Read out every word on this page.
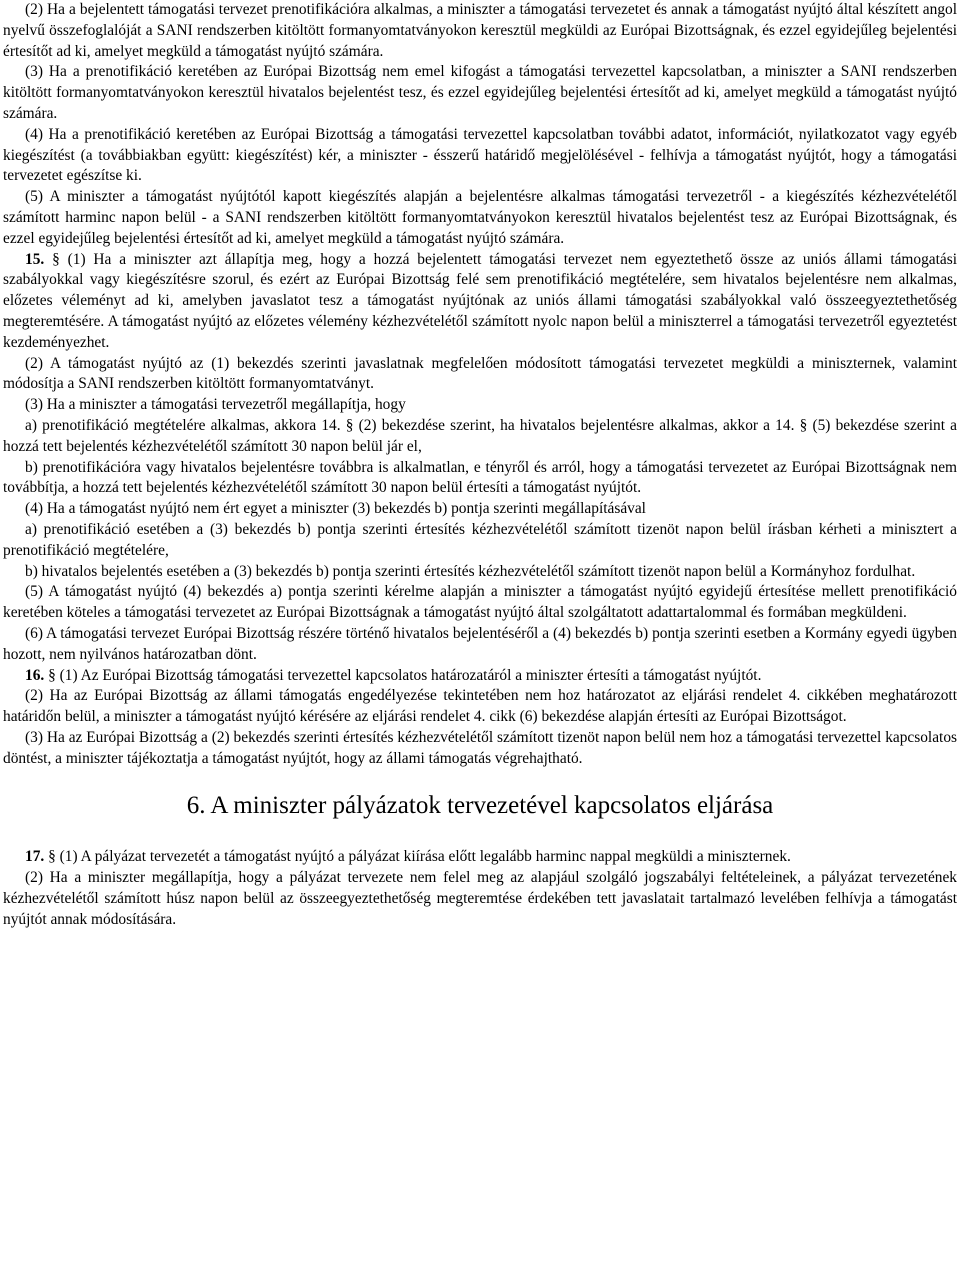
(2) Ha a bejelentett támogatási tervezet prenotifikációra alkalmas, a miniszter a támogatási tervezetet és annak a támogatást nyújtó által készített angol nyelvű összefoglalóját a SANI rendszerben kitöltött formanyomtatványokon keresztül megküldi az Európai Bizottságnak, és ezzel egyidejűleg bejelentési értesítőt ad ki, amelyet megküld a támogatást nyújtó számára.

(3) Ha a prenotifikáció keretében az Európai Bizottság nem emel kifogást a támogatási tervezettel kapcsolatban, a miniszter a SANI rendszerben kitöltött formanyomtatványokon keresztül hivatalos bejelentést tesz, és ezzel egyidejűleg bejelentési értesítőt ad ki, amelyet megküld a támogatást nyújtó számára.

(4) Ha a prenotifikáció keretében az Európai Bizottság a támogatási tervezettel kapcsolatban további adatot, információt, nyilatkozatot vagy egyéb kiegészítést (a továbbiakban együtt: kiegészítést) kér, a miniszter - ésszerű határidő megjelölésével - felhívja a támogatást nyújtót, hogy a támogatási tervezetet egészítse ki.

(5) A miniszter a támogatást nyújtótól kapott kiegészítés alapján a bejelentésre alkalmas támogatási tervezetről - a kiegészítés kézhezvételétől számított harminc napon belül - a SANI rendszerben kitöltött formanyomtatványokon keresztül hivatalos bejelentést tesz az Európai Bizottságnak, és ezzel egyidejűleg bejelentési értesítőt ad ki, amelyet megküld a támogatást nyújtó számára.

15. § (1) Ha a miniszter azt állapítja meg, hogy a hozzá bejelentett támogatási tervezet nem egyeztethető össze az uniós állami támogatási szabályokkal vagy kiegészítésre szorul, és ezért az Európai Bizottság felé sem prenotifikáció megtételére, sem hivatalos bejelentésre nem alkalmas, előzetes véleményt ad ki, amelyben javaslatot tesz a támogatást nyújtónak az uniós állami támogatási szabályokkal való összeegyeztethetőség megteremtésére. A támogatást nyújtó az előzetes vélemény kézhezvételétől számított nyolc napon belül a miniszterrel a támogatási tervezetről egyeztetést kezdeményezhet.

(2) A támogatást nyújtó az (1) bekezdés szerinti javaslatnak megfelelően módosított támogatási tervezetet megküldi a miniszternek, valamint módosítja a SANI rendszerben kitöltött formanyomtatványt.

(3) Ha a miniszter a támogatási tervezetről megállapítja, hogy

a) prenotifikáció megtételére alkalmas, akkora 14. § (2) bekezdése szerint, ha hivatalos bejelentésre alkalmas, akkor a 14. § (5) bekezdése szerint a hozzá tett bejelentés kézhezvételétől számított 30 napon belül jár el,

b) prenotifikációra vagy hivatalos bejelentésre továbbra is alkalmatlan, e tényről és arról, hogy a támogatási tervezetet az Európai Bizottságnak nem továbbítja, a hozzá tett bejelentés kézhezvételétől számított 30 napon belül értesíti a támogatást nyújtót.

(4) Ha a támogatást nyújtó nem ért egyet a miniszter (3) bekezdés b) pontja szerinti megállapításával

a) prenotifikáció esetében a (3) bekezdés b) pontja szerinti értesítés kézhezvételétől számított tizenöt napon belül írásban kérheti a minisztert a prenotifikáció megtételére,

b) hivatalos bejelentés esetében a (3) bekezdés b) pontja szerinti értesítés kézhezvételétől számított tizenöt napon belül a Kormányhoz fordulhat.

(5) A támogatást nyújtó (4) bekezdés a) pontja szerinti kérelme alapján a miniszter a támogatást nyújtó egyidejű értesítése mellett prenotifikáció keretében köteles a támogatási tervezetet az Európai Bizottságnak a támogatást nyújtó által szolgáltatott adattartalommal és formában megküldeni.

(6) A támogatási tervezet Európai Bizottság részére történő hivatalos bejelentéséről a (4) bekezdés b) pontja szerinti esetben a Kormány egyedi ügyben hozott, nem nyilvános határozatban dönt.

16. § (1) Az Európai Bizottság támogatási tervezettel kapcsolatos határozatáról a miniszter értesíti a támogatást nyújtót.

(2) Ha az Európai Bizottság az állami támogatás engedélyezése tekintetében nem hoz határozatot az eljárási rendelet 4. cikkében meghatározott határidőn belül, a miniszter a támogatást nyújtó kérésére az eljárási rendelet 4. cikk (6) bekezdése alapján értesíti az Európai Bizottságot.

(3) Ha az Európai Bizottság a (2) bekezdés szerinti értesítés kézhezvételétől számított tizenöt napon belül nem hoz a támogatási tervezettel kapcsolatos döntést, a miniszter tájékoztatja a támogatást nyújtót, hogy az állami támogatás végrehajtható.

6. A miniszter pályázatok tervezetével kapcsolatos eljárása

17. § (1) A pályázat tervezetét a támogatást nyújtó a pályázat kiírása előtt legalább harminc nappal megküldi a miniszternek.

(2) Ha a miniszter megállapítja, hogy a pályázat tervezete nem felel meg az alapjául szolgáló jogszabályi feltételeinek, a pályázat tervezetének kézhezvételétől számított húsz napon belül az összeegyeztethetőség megteremtése érdekében tett javaslatait tartalmazó levelében felhívja a támogatást nyújtót annak módosítására.
